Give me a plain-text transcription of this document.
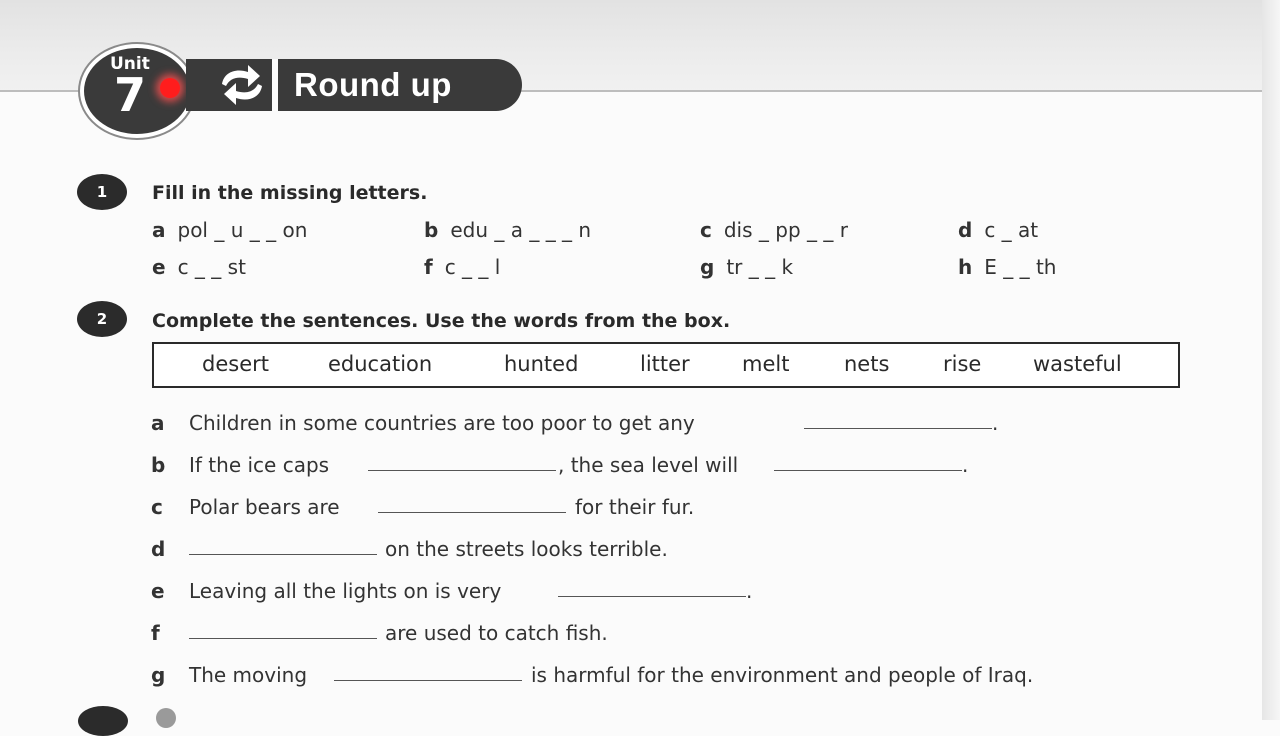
Unit
7	Round up
1	Fill in the missing letters.
a pol _ u _ _ on	b edu _ a _ _ _ n	c dis _ pp _ _ r	d c _ at
e c _ _ st	f c _ _ l	g tr _ _ k	h E _ _ th
2	Complete the sentences. Use the words from the box.
desert	education	hunted	litter melt	nets	rise wasteful
a Children in some countries are too poor to get any	.
b If the ice caps	, the sea level will	.
c Polar bears are	for their fur.
d	on the streets looks terrible.
e Leaving all the lights on is very	.
f	are used to catch fish.
g The moving	is harmful for the environment and people of Iraq.
